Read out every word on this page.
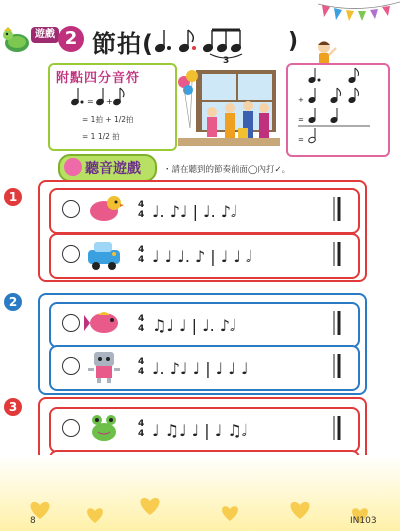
遊戲 2 節拍(
3
)
附點四分音符
= +
= 1拍 + 1/2拍
= 1 1/2 拍
+
=
=
聽音遊戲	・請在聽到的節奏前面◯內打✓。
1
2
3
4
4 ♩. ♪♩ | ♩. ♪𝅗𝅥
4
4 ♩ ♩ ♩. ♪ | ♩ ♩ 𝅗𝅥
4
4 ♫♩ ♩ | ♩. ♪𝅗𝅥
4
4 ♩. ♪♩ ♩ | ♩ ♩ ♩
4
4 ♩ ♫♩ ♩ | ♩ ♫𝅗𝅥
8	IN103
